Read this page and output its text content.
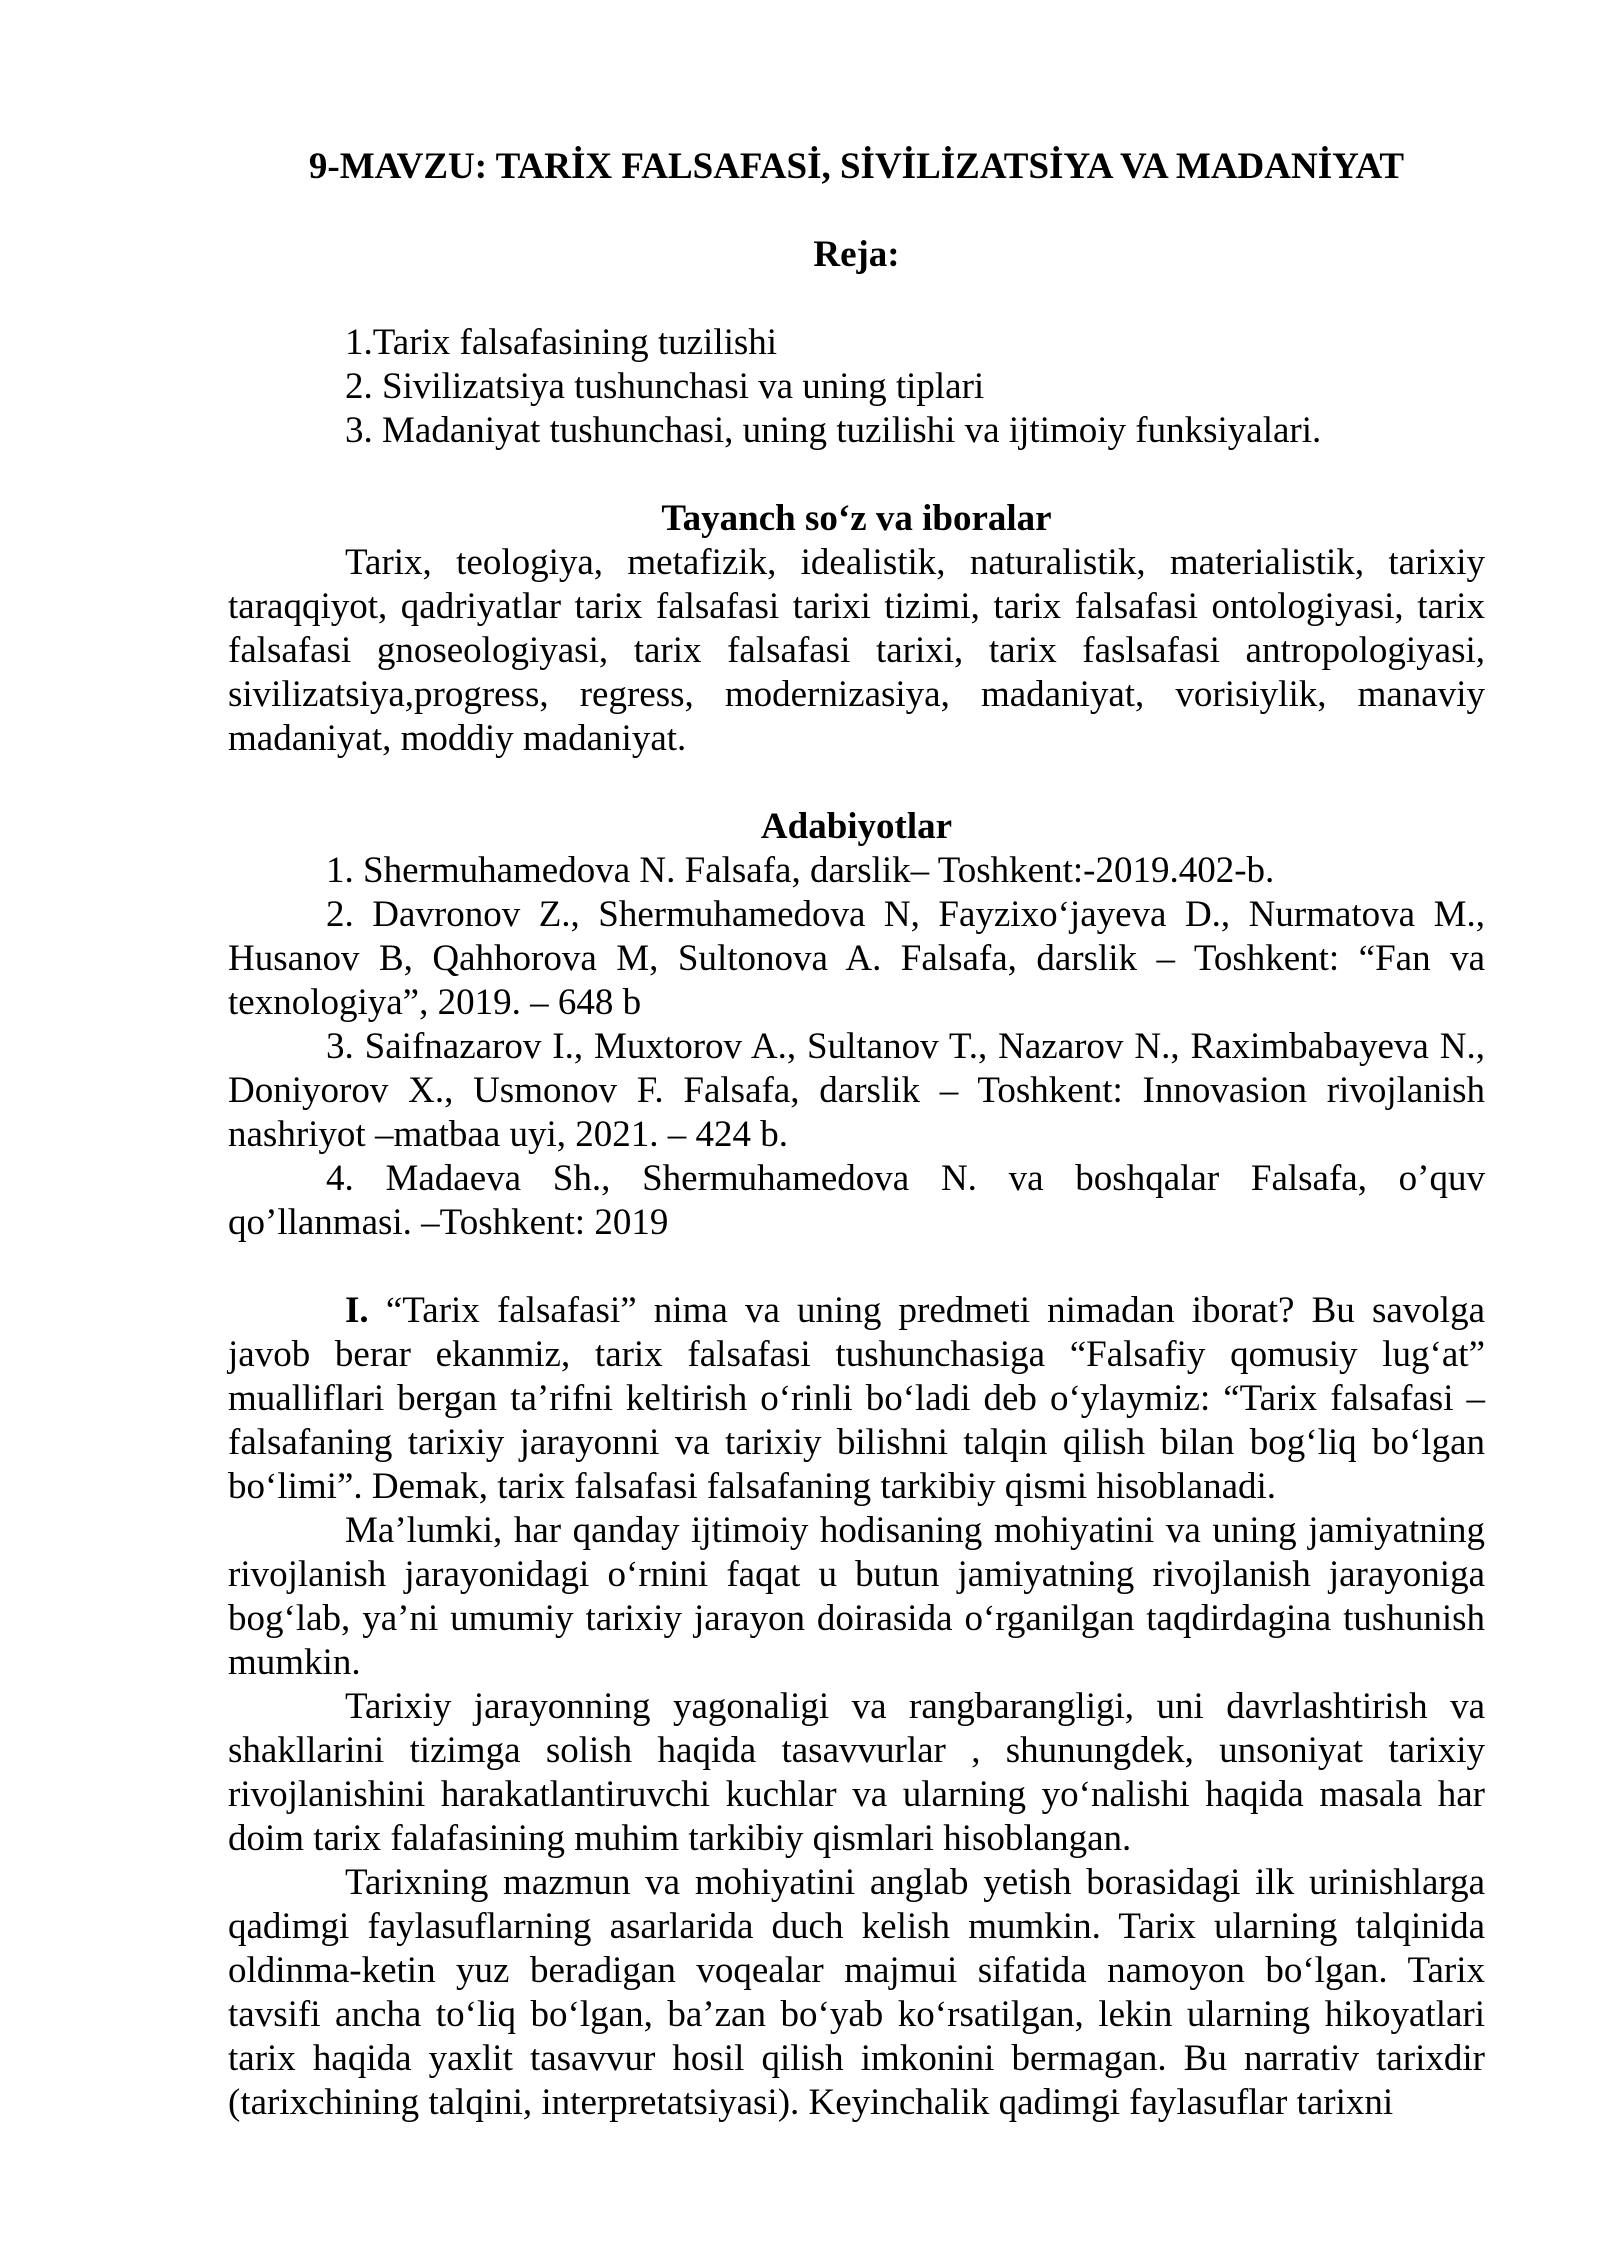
9-MAVZU: TARİX FALSAFASİ, SİVİLİZATSİYA VA MADANİYAT

Reja:

1.Tarix falsafasining tuzilishi

2. Sivilizatsiya tushunchasi va uning tiplari

3. Madaniyat tushunchasi, uning tuzilishi va ijtimoiy funksiyalari.

Tayanch so‘z va iboralar

Tarix, teologiya, metafizik, idealistik, naturalistik, materialistik, tarixiy taraqqiyot, qadriyatlar tarix falsafasi tarixi tizimi, tarix falsafasi ontologiyasi, tarix falsafasi gnoseologiyasi, tarix falsafasi tarixi, tarix faslsafasi antropologiyasi, sivilizatsiya,progress, regress, modernizasiya, madaniyat, vorisiylik, manaviy madaniyat, moddiy madaniyat.

Adabiyotlar

1. Shermuhamedova N. Falsafa, darslik– Toshkent:-2019.402-b.

2. Davronov Z., Shermuhamedova N, Fayzixo‘jayeva D., Nurmatova M., Husanov B, Qahhorova M, Sultonova A. Falsafa, darslik – Toshkent: “Fan va texnologiya”, 2019. – 648 b

3. Saifnazarov I., Muxtorov A., Sultanov T., Nazarov N., Raximbabayeva N., Doniyorov X., Usmonov F. Falsafa, darslik – Toshkent: Innovasion rivojlanish nashriyot –matbaa uyi, 2021. – 424 b.

4. Madaeva Sh., Shermuhamedova N. va boshqalar Falsafa, o’quv qo’llanmasi. –Toshkent: 2019

I. “Tarix falsafasi” nima va uning predmeti nimadan iborat? Bu savolga javob berar ekanmiz, tarix falsafasi tushunchasiga “Falsafiy qomusiy lug‘at” mualliflari bergan ta’rifni keltirish o‘rinli bo‘ladi deb o‘ylaymiz: “Tarix falsafasi – falsafaning tarixiy jarayonni va tarixiy bilishni talqin qilish bilan bog‘liq bo‘lgan bo‘limi”. Demak, tarix falsafasi falsafaning tarkibiy qismi hisoblanadi.

Ma’lumki, har qanday ijtimoiy hodisaning mohiyatini va uning jamiyatning rivojlanish jarayonidagi o‘rnini faqat u butun jamiyatning rivojlanish jarayoniga bog‘lab, ya’ni umumiy tarixiy jarayon doirasida o‘rganilgan taqdirdagina tushunish mumkin.

Tarixiy jarayonning yagonaligi va rangbarangligi, uni davrlashtirish va shakllarini tizimga solish haqida tasavvurlar , shunungdek, unsoniyat tarixiy rivojlanishini harakatlantiruvchi kuchlar va ularning yo‘nalishi haqida masala har doim tarix falafasining muhim tarkibiy qismlari hisoblangan.

Tarixning mazmun va mohiyatini anglab yetish borasidagi ilk urinishlarga qadimgi faylasuflarning asarlarida duch kelish mumkin. Tarix ularning talqinida oldinma-ketin yuz beradigan voqealar majmui sifatida namoyon bo‘lgan. Tarix tavsifi ancha to‘liq bo‘lgan, ba’zan bo‘yab ko‘rsatilgan, lekin ularning hikoyatlari tarix haqida yaxlit tasavvur hosil qilish imkonini bermagan. Bu narrativ tarixdir (tarixchining talqini, interpretatsiyasi). Keyinchalik qadimgi faylasuflar tarixni
